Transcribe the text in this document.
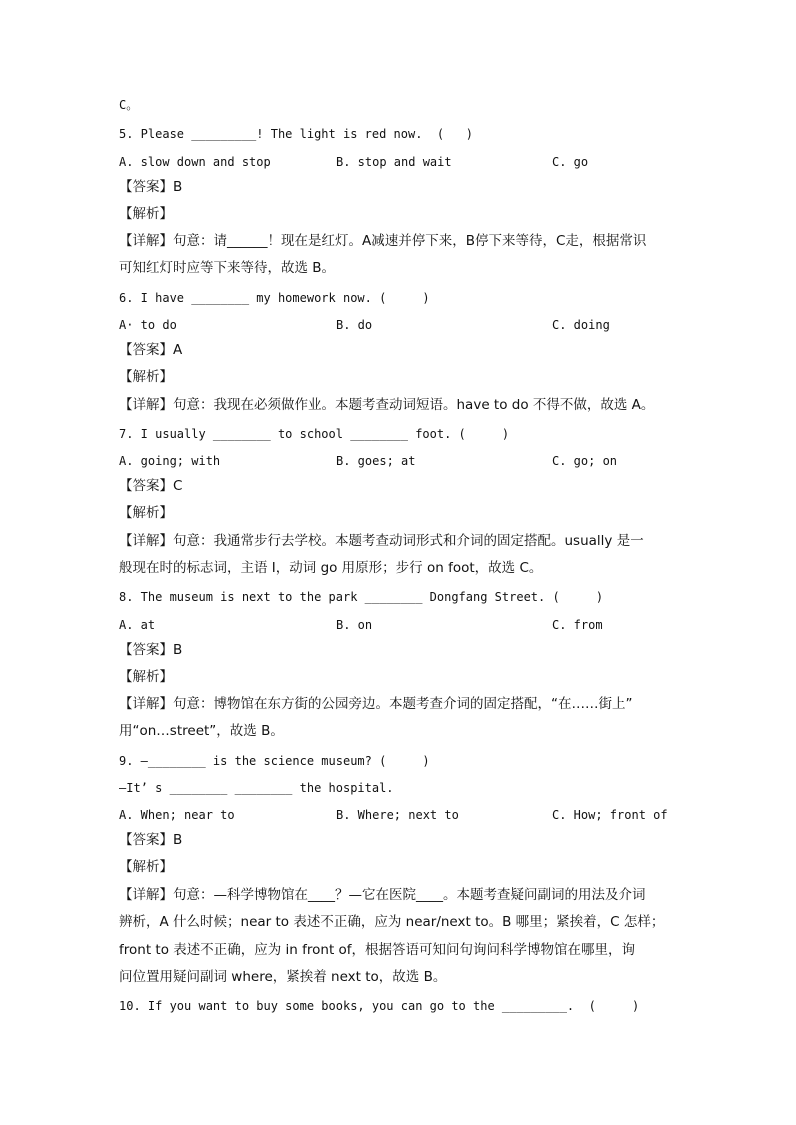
C。
5. Please _________! The light is red now.  (   )
A. slow down and stop	B. stop and wait	C. go
【答案】B
【解析】
【详解】句意：请______！现在是红灯。A减速并停下来，B停下来等待，C走，根据常识
可知红灯时应等下来等待，故选 B。
6. I have ________ my homework now. (     )
A· to do	B. do	C. doing
【答案】A
【解析】
【详解】句意：我现在必须做作业。本题考查动词短语。have to do 不得不做，故选 A。
7. I usually ________ to school ________ foot. (     )
A. going; with	B. goes; at	C. go; on
【答案】C
【解析】
【详解】句意：我通常步行去学校。本题考查动词形式和介词的固定搭配。usually 是一
般现在时的标志词，主语 I，动词 go 用原形；步行 on foot，故选 C。
8. The museum is next to the park ________ Dongfang Street. (     )
A. at	B. on	C. from
【答案】B
【解析】
【详解】句意：博物馆在东方街的公园旁边。本题考查介词的固定搭配，“在……街上”
用“on…street”，故选 B。
9. —________ is the science museum? (     )
—It’ s ________ ________ the hospital.
A. When; near to	B. Where; next to	C. How; front of
【答案】B
【解析】
【详解】句意：—科学博物馆在____？—它在医院____。本题考查疑问副词的用法及介词
辨析，A 什么时候；near to 表述不正确，应为 near/next to。B 哪里；紧挨着，C 怎样；
front to 表述不正确，应为 in front of，根据答语可知问句询问科学博物馆在哪里，询
问位置用疑问副词 where，紧挨着 next to，故选 B。
10. If you want to buy some books, you can go to the _________.  (     )
